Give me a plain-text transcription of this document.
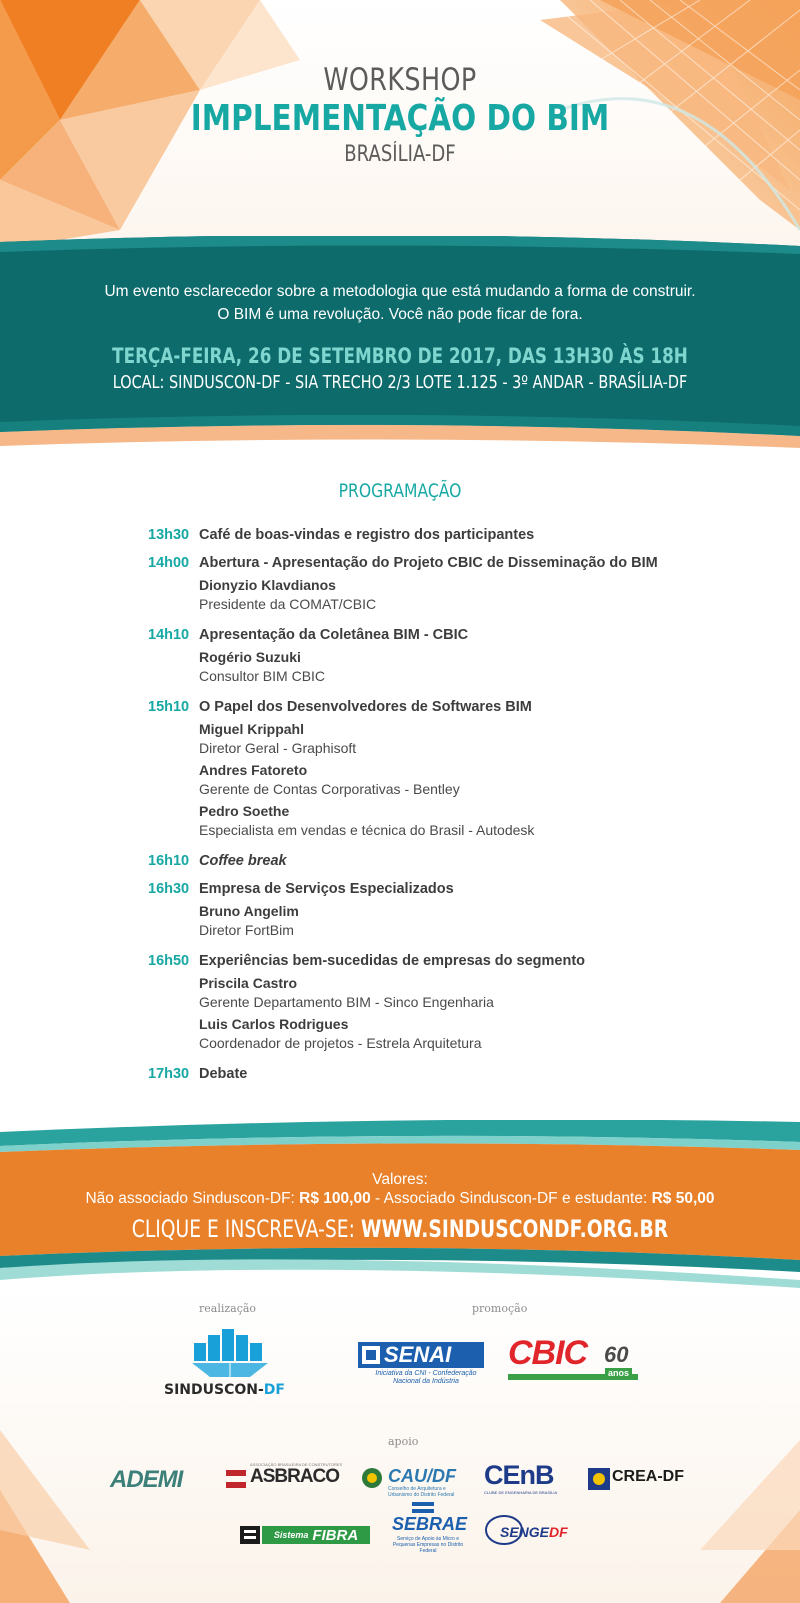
WORKSHOP
IMPLEMENTAÇÃO DO BIM
BRASÍLIA-DF
Um evento esclarecedor sobre a metodologia que está mudando a forma de construir.
O BIM é uma revolução. Você não pode ficar de fora.
TERÇA-FEIRA, 26 DE SETEMBRO DE 2017, DAS 13H30 ÀS 18H
LOCAL: SINDUSCON-DF - SIA TRECHO 2/3 LOTE 1.125 - 3º ANDAR - BRASÍLIA-DF
PROGRAMAÇÃO
13h30 Café de boas-vindas e registro dos participantes
14h00 Abertura - Apresentação do Projeto CBIC de Disseminação do BIM
Dionyzio Klavdianos
Presidente da COMAT/CBIC
14h10 Apresentação da Coletânea BIM - CBIC
Rogério Suzuki
Consultor BIM CBIC
15h10 O Papel dos Desenvolvedores de Softwares BIM
Miguel Krippahl
Diretor Geral - Graphisoft
Andres Fatoreto
Gerente de Contas Corporativas - Bentley
Pedro Soethe
Especialista em vendas e técnica do Brasil - Autodesk
16h10 Coffee break
16h30 Empresa de Serviços Especializados
Bruno Angelim
Diretor FortBim
16h50 Experiências bem-sucedidas de empresas do segmento
Priscila Castro
Gerente Departamento BIM - Sinco Engenharia
Luis Carlos Rodrigues
Coordenador de projetos - Estrela Arquitetura
17h30 Debate
Valores:
Não associado Sinduscon-DF: R$ 100,00 - Associado Sinduscon-DF e estudante: R$ 50,00
CLIQUE E INSCREVA-SE: WWW.SINDUSCONDF.ORG.BR
realização	promoção
apoio
SINDUSCON-DF
SENAI
Iniciativa da CNI - Confederação
Nacional da Indústria
CBIC 60
anos
ADEMI	ASBRACO
ASSOCIAÇÃO BRASILEIRA DE CONSTRUTORES
CAU/DF
Conselho de Arquitetura e Urbanismo do Distrito Federal
CEnB
CLUBE DE ENGENHARIA DE BRASÍLIA
CREA-DF
Sistema FIBRA
SEBRAE
Serviço de Apoio às Micro e Pequenas Empresas no Distrito Federal
SENGEDF
